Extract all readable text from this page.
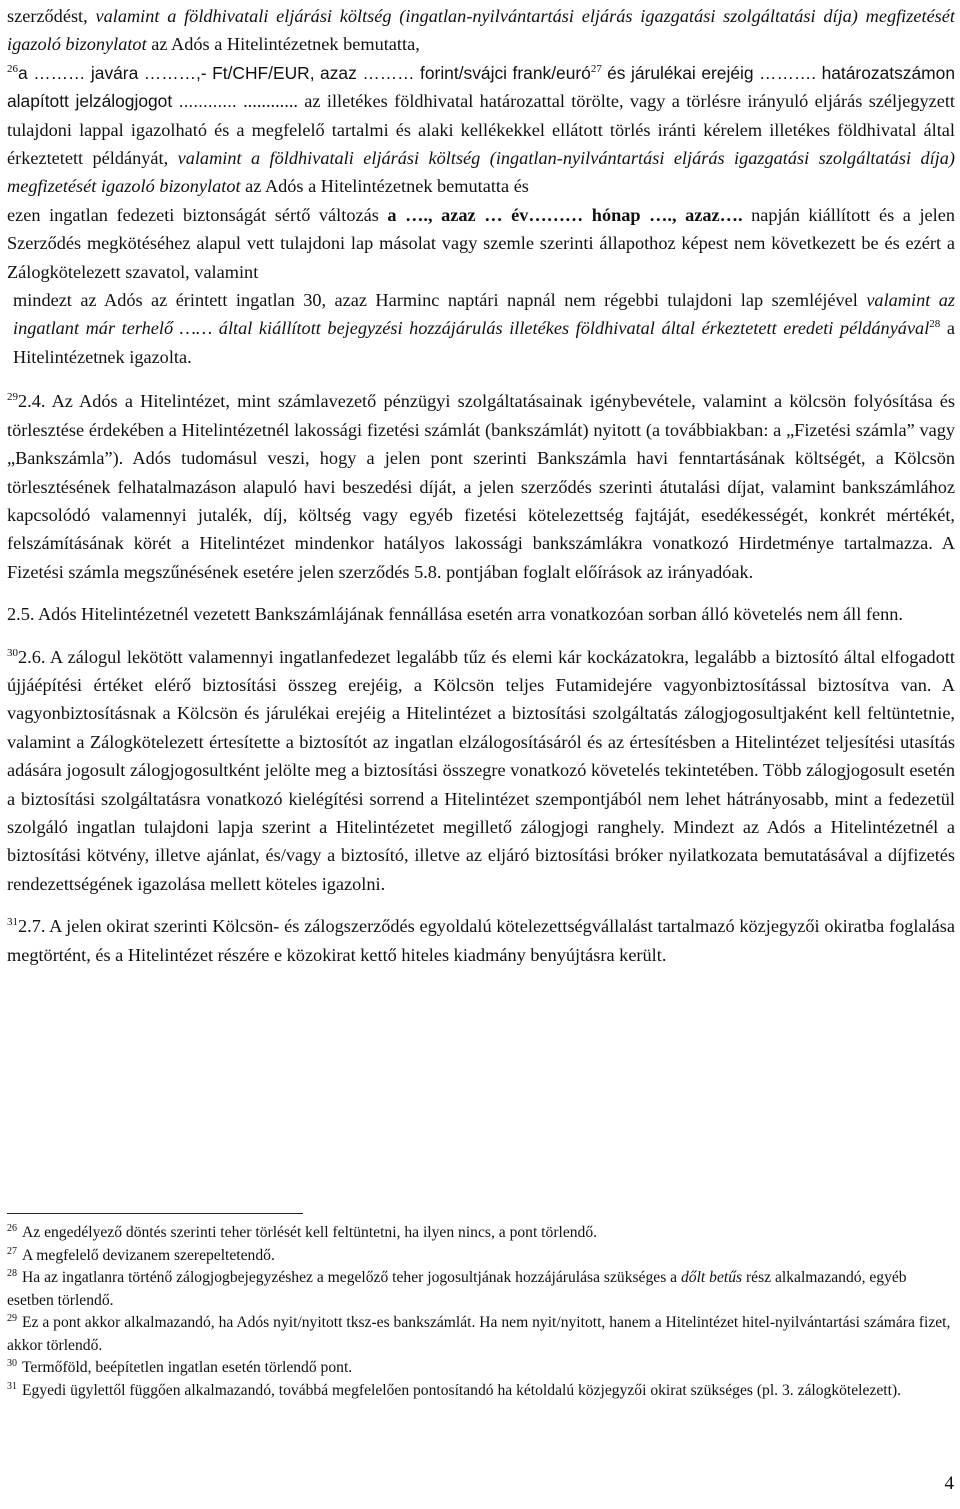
szerződést, valamint a földhivatali eljárási költség (ingatlan-nyilvántartási eljárás igazgatási szolgáltatási díja) megfizetését igazoló bizonylatot az Adós a Hitelintézetnek bemutatta,

$^{26}$a ……… javára ………,- Ft/CHF/EUR, azaz ……… forint/svájci frank/euró$^{27}$ és járulékai erejéig ………. határozatszámon alapított jelzálogjogot ............ ............ az illetékes földhivatal határozattal törölte, vagy a törlésre irányuló eljárás széljegyzett tulajdoni lappal igazolható és a megfelelő tartalmi és alaki kellékekkel ellátott törlés iránti kérelem illetékes földhivatal által érkeztetett példányát, valamint a földhivatali eljárási költség (ingatlan-nyilvántartási eljárás igazgatási szolgáltatási díja) megfizetését igazoló bizonylatot az Adós a Hitelintézetnek bemutatta és

ezen ingatlan fedezeti biztonságát sértő változás a …., azaz … év……… hónap …., azaz…. napján kiállított és a jelen Szerződés megkötéséhez alapul vett tulajdoni lap másolat vagy szemle szerinti állapothoz képest nem következett be és ezért a Zálogkötelezett szavatol, valamint

mindezt az Adós az érintett ingatlan 30, azaz Harminc naptári napnál nem régebbi tulajdoni lap szemléjével valamint az ingatlant már terhelő …… által kiállított bejegyzési hozzájárulás illetékes földhivatal által érkeztetett eredeti példányával$^{28}$ a Hitelintézetnek igazolta.

$^{29}$2.4. Az Adós a Hitelintézet, mint számlavezető pénzügyi szolgáltatásainak igénybevétele, valamint a kölcsön folyósítása és törlesztése érdekében a Hitelintézetnél lakossági fizetési számlát (bankszámlát) nyitott (a továbbiakban: a „Fizetési számla” vagy „Bankszámla”). Adós tudomásul veszi, hogy a jelen pont szerinti Bankszámla havi fenntartásának költségét, a Kölcsön törlesztésének felhatalmazáson alapuló havi beszedési díját, a jelen szerződés szerinti átutalási díjat, valamint bankszámlához kapcsolódó valamennyi jutalék, díj, költség vagy egyéb fizetési kötelezettség fajtáját, esedékességét, konkrét mértékét, felszámításának körét a Hitelintézet mindenkor hatályos lakossági bankszámlákra vonatkozó Hirdetménye tartalmazza. A Fizetési számla megszűnésének esetére jelen szerződés 5.8. pontjában foglalt előírások az irányadóak.

2.5. Adós Hitelintézetnél vezetett Bankszámlájának fennállása esetén arra vonatkozóan sorban álló követelés nem áll fenn.

$^{30}$2.6. A zálogul lekötött valamennyi ingatlanfedezet legalább tűz és elemi kár kockázatokra, legalább a biztosító által elfogadott újjáépítési értéket elérő biztosítási összeg erejéig, a Kölcsön teljes Futamidejére vagyonbiztosítással biztosítva van. A vagyonbiztosításnak a Kölcsön és járulékai erejéig a Hitelintézet a biztosítási szolgáltatás zálogjogosultjaként kell feltüntetnie, valamint a Zálogkötelezett értesítette a biztosítót az ingatlan elzálogosításáról és az értesítésben a Hitelintézet teljesítési utasítás adására jogosult zálogjogosultként jelölte meg a biztosítási összegre vonatkozó követelés tekintetében. Több zálogjogosult esetén a biztosítási szolgáltatásra vonatkozó kielégítési sorrend a Hitelintézet szempontjából nem lehet hátrányosabb, mint a fedezetül szolgáló ingatlan tulajdoni lapja szerint a Hitelintézetet megillető zálogjogi ranghely. Mindezt az Adós a Hitelintézetnél a biztosítási kötvény, illetve ajánlat, és/vagy a biztosító, illetve az eljáró biztosítási bróker nyilatkozata bemutatásával a díjfizetés rendezettségének igazolása mellett köteles igazolni.

$^{31}$2.7. A jelen okirat szerinti Kölcsön- és zálogszerződés egyoldalú kötelezettségvállalást tartalmazó közjegyzői okiratba foglalása megtörtént, és a Hitelintézet részére e közokirat kettő hiteles kiadmány benyújtásra került.

$^{26}$ Az engedélyező döntés szerinti teher törlését kell feltüntetni, ha ilyen nincs, a pont törlendő.

$^{27}$ A megfelelő devizanem szerepeltetendő.

$^{28}$ Ha az ingatlanra történő zálogjogbejegyzéshez a megelőző teher jogosultjának hozzájárulása szükséges a dőlt betűs rész alkalmazandó, egyéb esetben törlendő.

$^{29}$ Ez a pont akkor alkalmazandó, ha Adós nyit/nyitott tksz-es bankszámlát. Ha nem nyit/nyitott, hanem a Hitelintézet hitel-nyilvántartási számára fizet, akkor törlendő.

$^{30}$ Termőföld, beépítetlen ingatlan esetén törlendő pont.

$^{31}$ Egyedi ügylettől függően alkalmazandó, továbbá megfelelően pontosítandó ha kétoldalú közjegyzői okirat szükséges (pl. 3. zálogkötelezett).

4
